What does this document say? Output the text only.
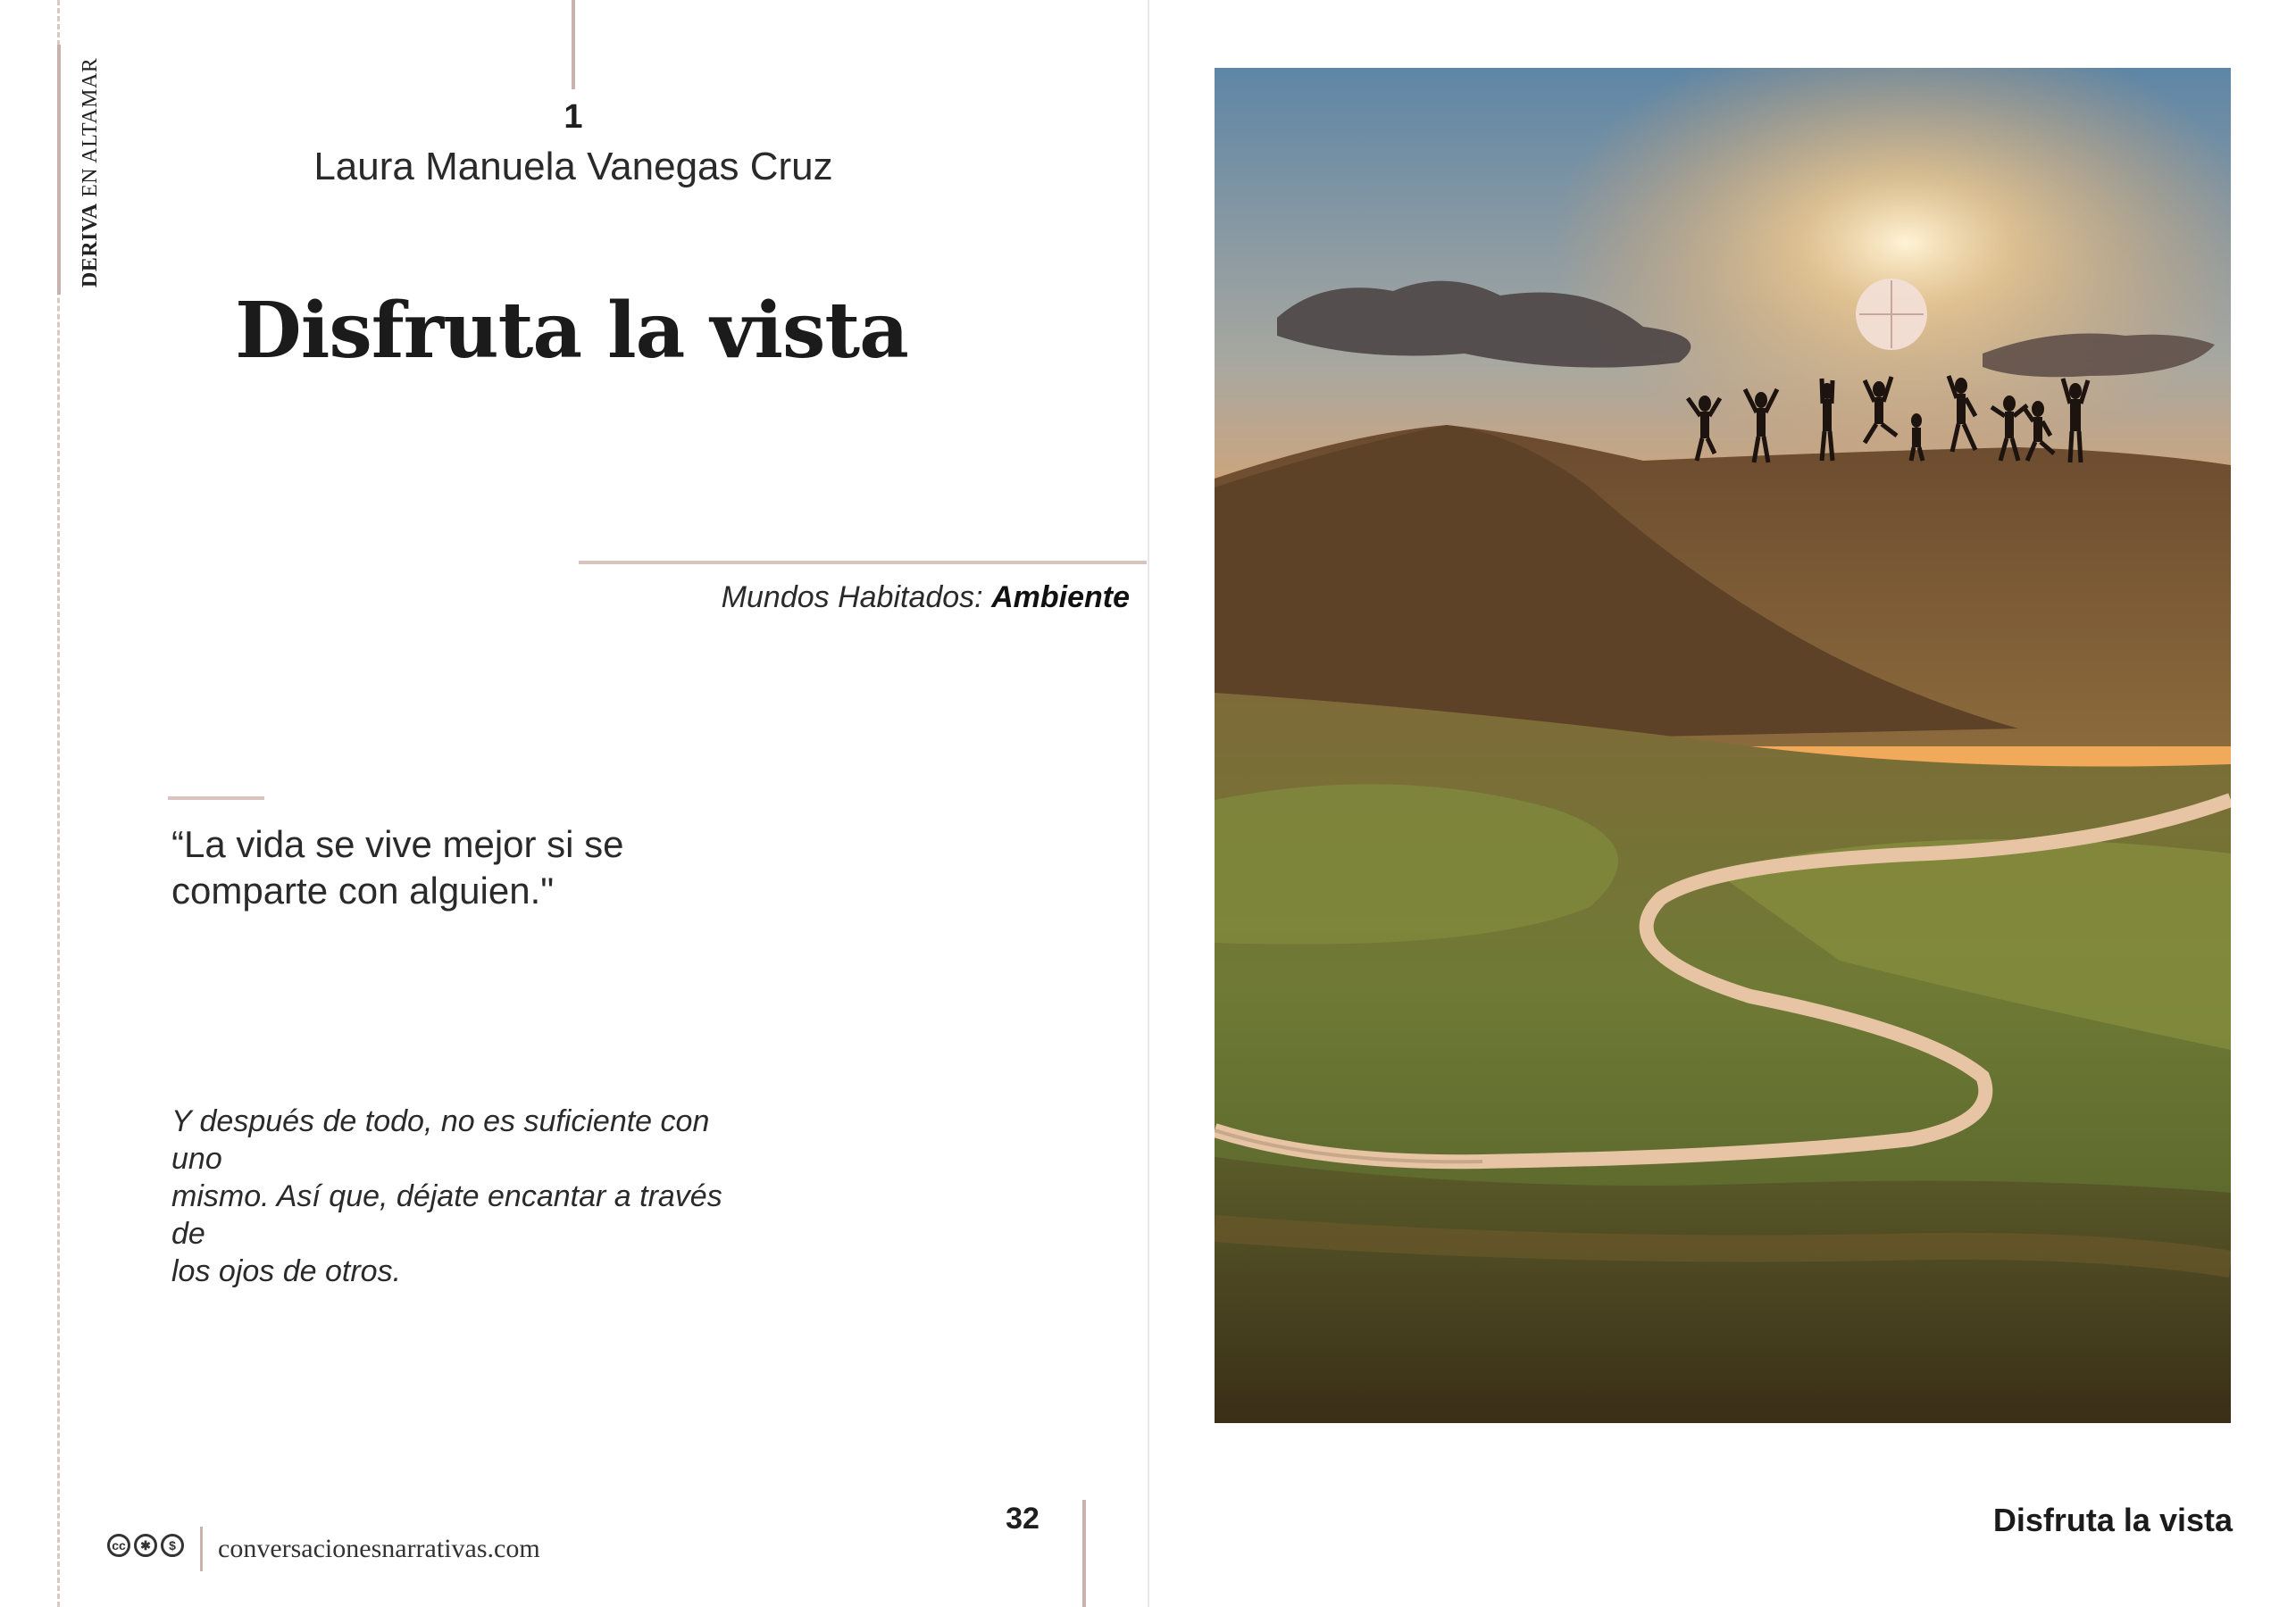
DERIVA EN ALTAMAR	1
Laura Manuela Vanegas Cruz
Disfruta la vista
Mundos Habitados: Ambiente
“La vida se vive mejor si se
comparte con alguien."
Y después de todo, no es suficiente con uno
mismo. Así que, déjate encantar a través de
los ojos de otros.
32
cc	✱	$	conversacionesnarrativas.com
Disfruta la vista
